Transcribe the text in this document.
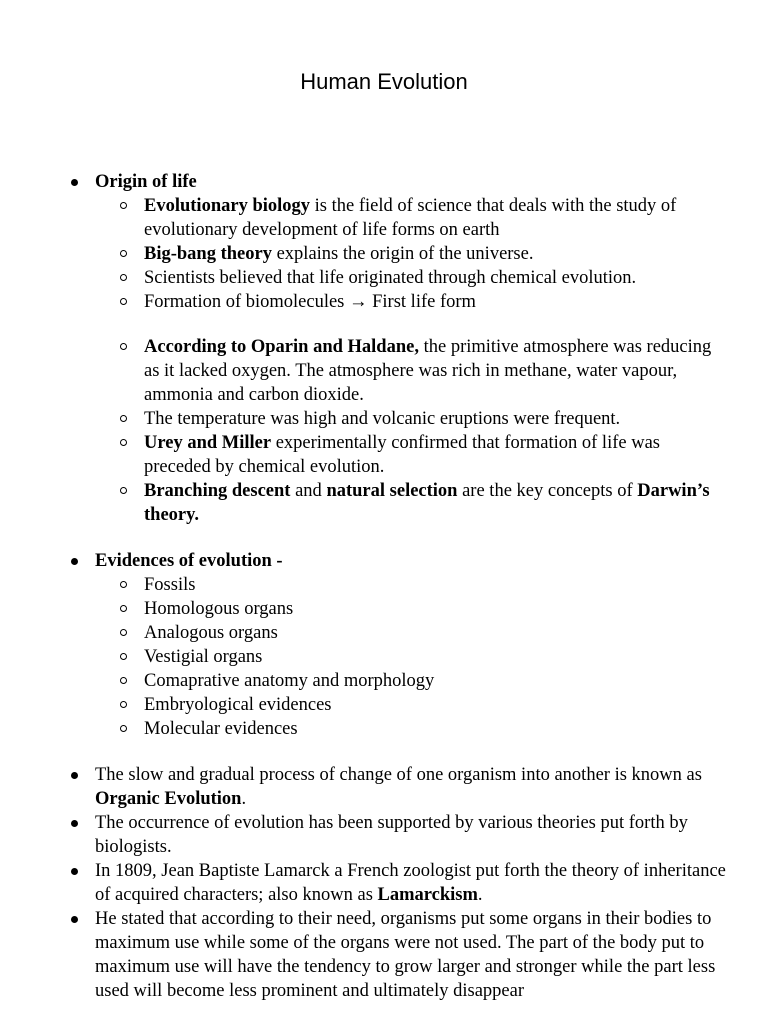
Human Evolution
Origin of life
Evolutionary biology is the field of science that deals with the study of evolutionary development of life forms on earth
Big-bang theory explains the origin of the universe.
Scientists believed that life originated through chemical evolution.
Formation of biomolecules → First life form
According to Oparin and Haldane, the primitive atmosphere was reducing as it lacked oxygen. The atmosphere was rich in methane, water vapour, ammonia and carbon dioxide.
The temperature was high and volcanic eruptions were frequent.
Urey and Miller experimentally confirmed that formation of life was preceded by chemical evolution.
Branching descent and natural selection are the key concepts of Darwin’s theory.
Evidences of evolution -
Fossils
Homologous organs
Analogous organs
Vestigial organs
Comaprative anatomy and morphology
Embryological evidences
Molecular evidences
The slow and gradual process of change of one organism into another is known as Organic Evolution.
The occurrence of evolution has been supported by various theories put forth by biologists.
In 1809, Jean Baptiste Lamarck a French zoologist put forth the theory of inheritance of acquired characters; also known as Lamarckism.
He stated that according to their need, organisms put some organs in their bodies to maximum use while some of the organs were not used. The part of the body put to maximum use will have the tendency to grow larger and stronger while the part less used will become less prominent and ultimately disappear
